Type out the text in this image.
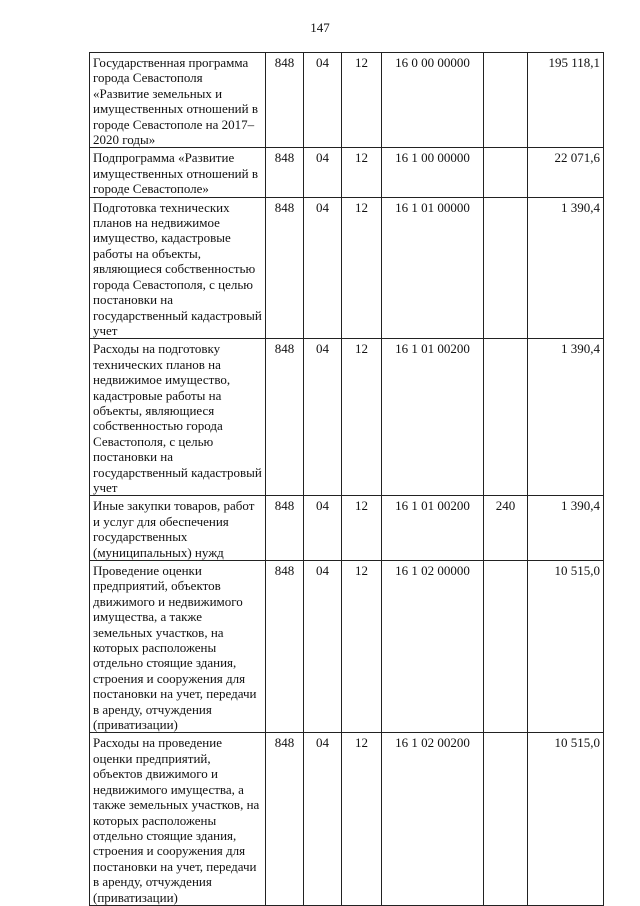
147
Государственная программа города Севастополя «Развитие земельных и имущественных отношений в городе Севастополе на 2017–2020 годы»	848	04	12	16 0 00 00000		195 118,1
Подпрограмма «Развитие имущественных отношений в городе Севастополе»	848	04	12	16 1 00 00000		22 071,6
Подготовка технических планов на недвижимое имущество, кадастровые работы на объекты, являющиеся собственностью города Севастополя, с целью постановки на государственный кадастровый учет	848	04	12	16 1 01 00000		1 390,4
Расходы на подготовку технических планов на недвижимое имущество, кадастровые работы на объекты, являющиеся собственностью города Севастополя, с целью постановки на государственный кадастровый учет	848	04	12	16 1 01 00200		1 390,4
Иные закупки товаров, работ и услуг для обеспечения государственных (муниципальных) нужд	848	04	12	16 1 01 00200	240	1 390,4
Проведение оценки предприятий, объектов движимого и недвижимого имущества, а также земельных участков, на которых расположены отдельно стоящие здания, строения и сооружения для постановки на учет, передачи в аренду, отчуждения (приватизации)	848	04	12	16 1 02 00000		10 515,0
Расходы на проведение оценки предприятий, объектов движимого и недвижимого имущества, а также земельных участков, на которых расположены отдельно стоящие здания, строения и сооружения для постановки на учет, передачи в аренду, отчуждения (приватизации)	848	04	12	16 1 02 00200		10 515,0
